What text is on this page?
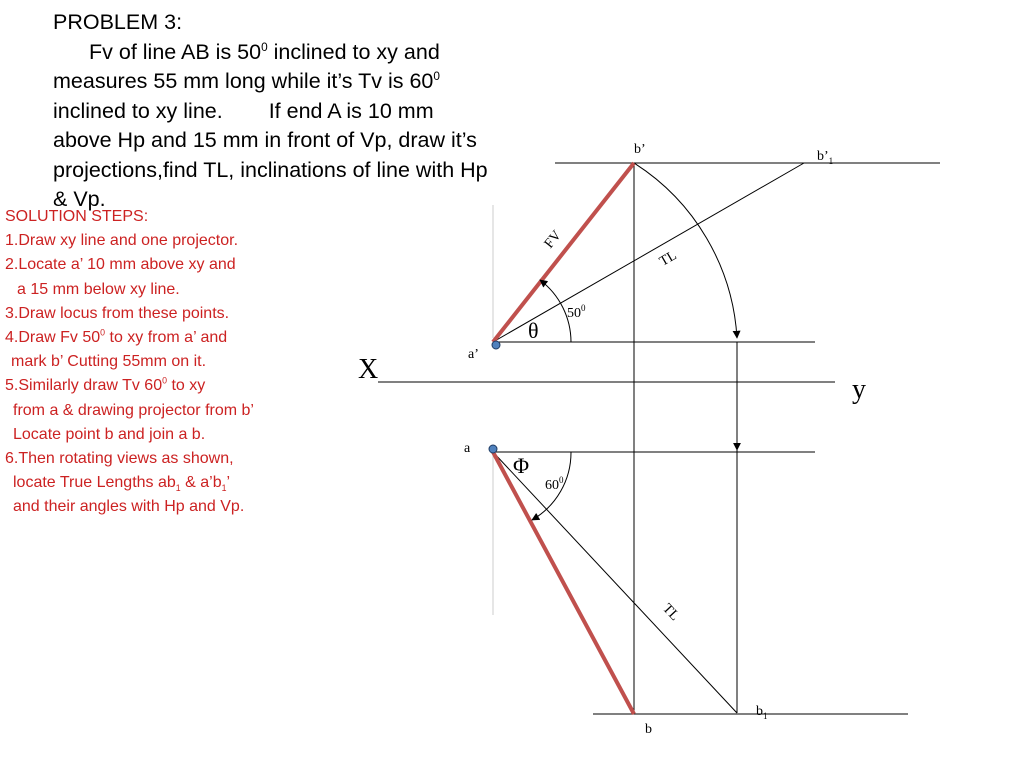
PROBLEM 3:
Fv of line AB is $50^0$ inclined to xy and
measures 55 mm long while it’s Tv is $60^0$
inclined to xy line. If end A is 10 mm
above Hp and 15 mm in front of Vp, draw it’s
projections,find TL, inclinations of line with Hp
& Vp.
SOLUTION STEPS:
1.Draw xy line and one projector.
2.Locate a’ 10 mm above xy and
a 15 mm below xy line.
3.Draw locus from these points.
4.Draw Fv $50^0$ to xy from a’ and
mark b’ Cutting 55mm on it.
5.Similarly draw Tv $60^0$ to xy
from a & drawing projector from b’
Locate point b and join a b.
6.Then rotating views as shown,
locate True Lengths $ab_1$ & $a’b_1$’
and their angles with Hp and Vp.
X
y
a’
a
b’	$b’_1$
b
$b_1$
FV
TL
TL
θ
Φ
$50^0$
$60^0$
